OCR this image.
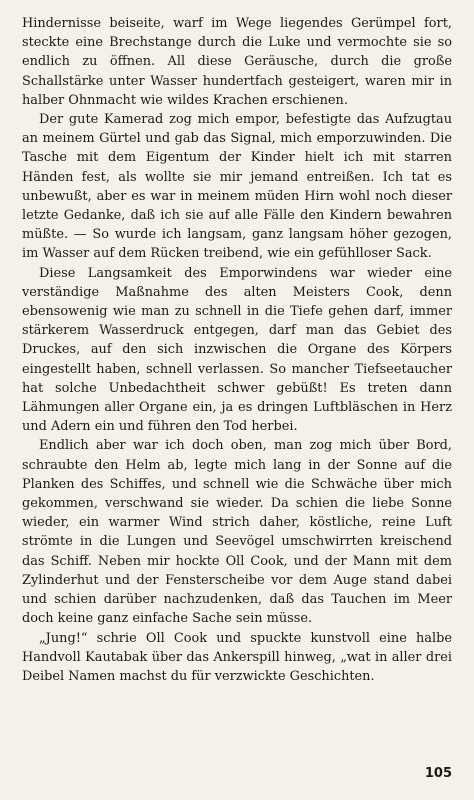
Hindernisse beiseite, warf im Wege liegendes Gerümpel fort, steckte eine Brechstange durch die Luke und vermochte sie so endlich zu öffnen. All diese Geräusche, durch die große Schallstärke unter Wasser hundertfach gesteigert, waren mir in halber Ohnmacht wie wildes Krachen erschienen.

Der gute Kamerad zog mich empor, befestigte das Aufzugtau an meinem Gürtel und gab das Signal, mich emporzuwinden. Die Tasche mit dem Eigentum der Kinder hielt ich mit starren Händen fest, als wollte sie mir jemand entreißen. Ich tat es unbewußt, aber es war in meinem müden Hirn wohl noch dieser letzte Gedanke, daß ich sie auf alle Fälle den Kindern bewahren müßte. — So wurde ich langsam, ganz langsam höher gezogen, im Wasser auf dem Rücken treibend, wie ein gefühlloser Sack.

Diese Langsamkeit des Emporwindens war wieder eine verständige Maßnahme des alten Meisters Cook, denn ebensowenig wie man zu schnell in die Tiefe gehen darf, immer stärkerem Wasserdruck entgegen, darf man das Gebiet des Druckes, auf den sich inzwischen die Organe des Körpers eingestellt haben, schnell verlassen. So mancher Tiefseetaucher hat solche Unbedachtheit schwer gebüßt! Es treten dann Lähmungen aller Organe ein, ja es dringen Luftbläschen in Herz und Adern ein und führen den Tod herbei.

Endlich aber war ich doch oben, man zog mich über Bord, schraubte den Helm ab, legte mich lang in der Sonne auf die Planken des Schiffes, und schnell wie die Schwäche über mich gekommen, verschwand sie wieder. Da schien die liebe Sonne wieder, ein warmer Wind strich daher, köstliche, reine Luft strömte in die Lungen und Seevögel umschwirrten kreischend das Schiff. Neben mir hockte Oll Cook, und der Mann mit dem Zylinderhut und der Fensterscheibe vor dem Auge stand dabei und schien darüber nachzudenken, daß das Tauchen im Meer doch keine ganz einfache Sache sein müsse.

„Jung!“ schrie Oll Cook und spuckte kunstvoll eine halbe Handvoll Kautabak über das Ankerspill hinweg, „wat in aller drei Deibel Namen machst du für verzwickte Geschichten.

105
